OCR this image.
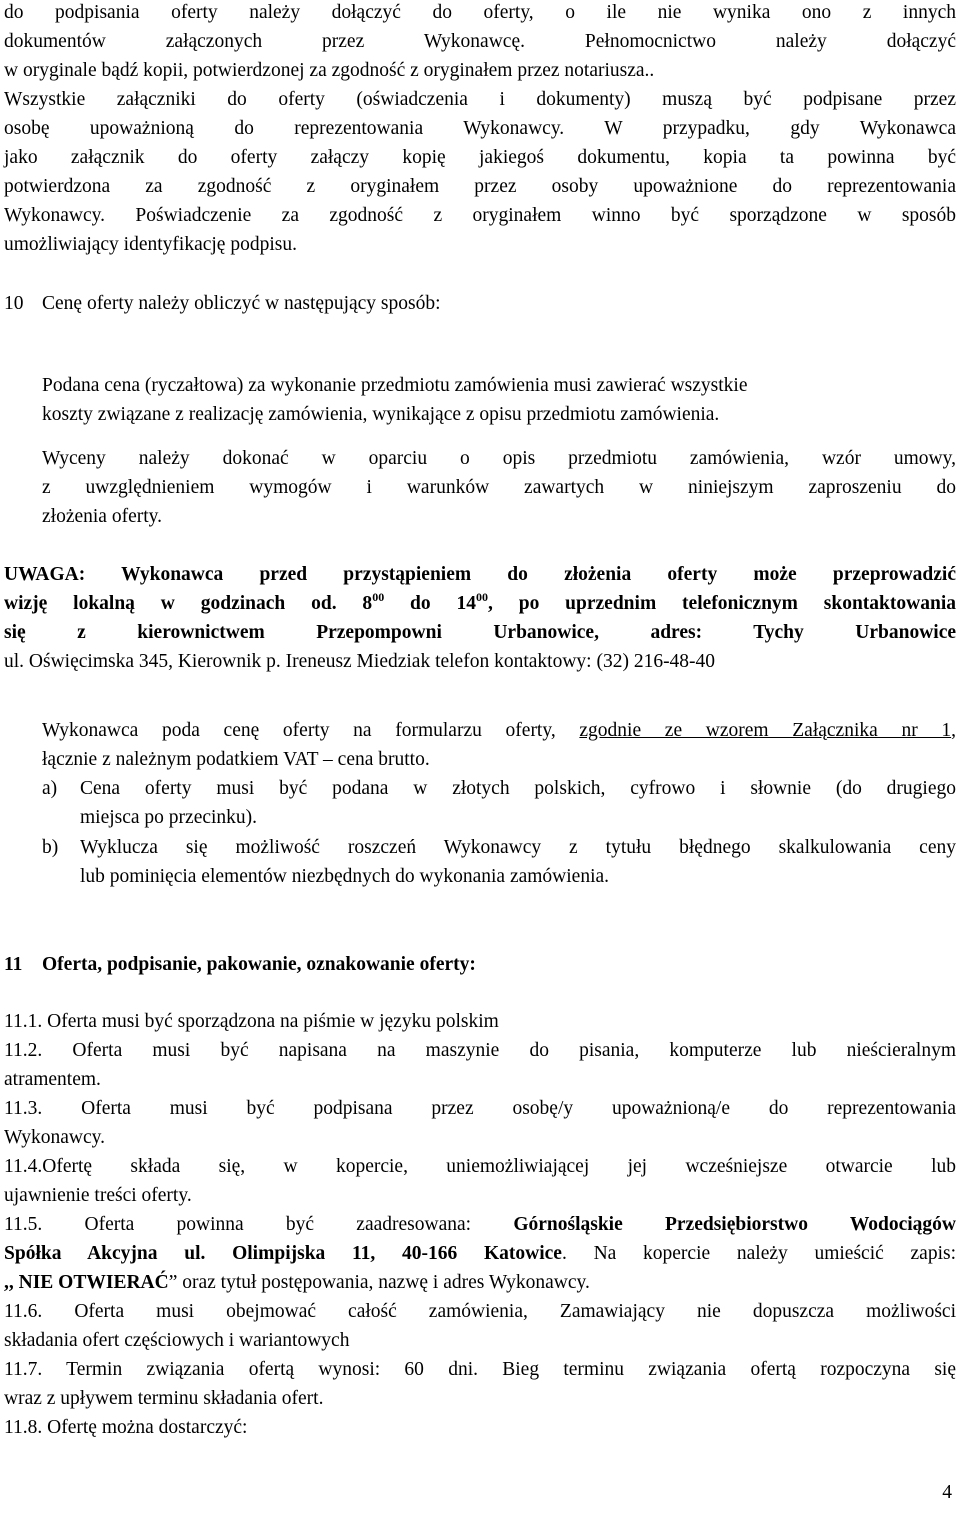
do podpisania oferty należy dołączyć do oferty, o ile nie wynika ono z innych
dokumentów załączonych przez Wykonawcę. Pełnomocnictwo należy dołączyć
w oryginale bądź kopii, potwierdzonej za zgodność z oryginałem przez notariusza..
Wszystkie załączniki do oferty (oświadczenia i dokumenty) muszą być podpisane przez
osobę upoważnioną do reprezentowania Wykonawcy. W przypadku, gdy Wykonawca
jako załącznik do oferty załączy kopię jakiegoś dokumentu, kopia ta powinna być
potwierdzona za zgodność z oryginałem przez osoby upoważnione do reprezentowania
Wykonawcy. Poświadczenie za zgodność z oryginałem winno być sporządzone w sposób
umożliwiający identyfikację podpisu.
10 Cenę oferty należy obliczyć w następujący sposób:
Podana cena (ryczałtowa) za wykonanie przedmiotu zamówienia musi zawierać wszystkie
koszty związane z realizację zamówienia, wynikające z opisu przedmiotu zamówienia.
Wyceny należy dokonać w oparciu o opis przedmiotu zamówienia, wzór umowy,
z uwzględnieniem wymogów i warunków zawartych w niniejszym zaproszeniu do
złożenia oferty.
UWAGA: Wykonawca przed przystąpieniem do złożenia oferty może przeprowadzić
wizję lokalną w godzinach od. $8^{00}$ do $14^{00}$, po uprzednim telefonicznym skontaktowania
się z kierownictwem Przepompowni Urbanowice, adres: Tychy Urbanowice
ul. Oświęcimska 345, Kierownik p. Ireneusz Miedziak telefon kontaktowy: (32) 216-48-40
Wykonawca poda cenę oferty na formularzu oferty, zgodnie ze wzorem Załącznika nr 1,
łącznie z należnym podatkiem VAT – cena brutto.
a) Cena oferty musi być podana w złotych polskich, cyfrowo i słownie (do drugiego
miejsca po przecinku).
b) Wyklucza się możliwość roszczeń Wykonawcy z tytułu błędnego skalkulowania ceny
lub pominięcia elementów niezbędnych do wykonania zamówienia.
11 Oferta, podpisanie, pakowanie, oznakowanie oferty:
11.1. Oferta musi być sporządzona na piśmie w języku polskim
11.2. Oferta musi być napisana na maszynie do pisania, komputerze lub nieścieralnym
atramentem.
11.3. Oferta musi być podpisana przez osobę/y upoważnioną/e do reprezentowania
Wykonawcy.
11.4.Ofertę składa się, w kopercie, uniemożliwiającej jej wcześniejsze otwarcie lub
ujawnienie treści oferty.
11.5. Oferta powinna być zaadresowana: Górnośląskie Przedsiębiorstwo Wodociągów
Spółka Akcyjna ul. Olimpijska 11, 40-166 Katowice. Na kopercie należy umieścić zapis:
,, NIE OTWIERAĆ” oraz tytuł postępowania, nazwę i adres Wykonawcy.
11.6. Oferta musi obejmować całość zamówienia, Zamawiający nie dopuszcza możliwości
składania ofert częściowych i wariantowych
11.7. Termin związania ofertą wynosi: 60 dni. Bieg terminu związania ofertą rozpoczyna się
wraz z upływem terminu składania ofert.
11.8. Ofertę można dostarczyć:
4
